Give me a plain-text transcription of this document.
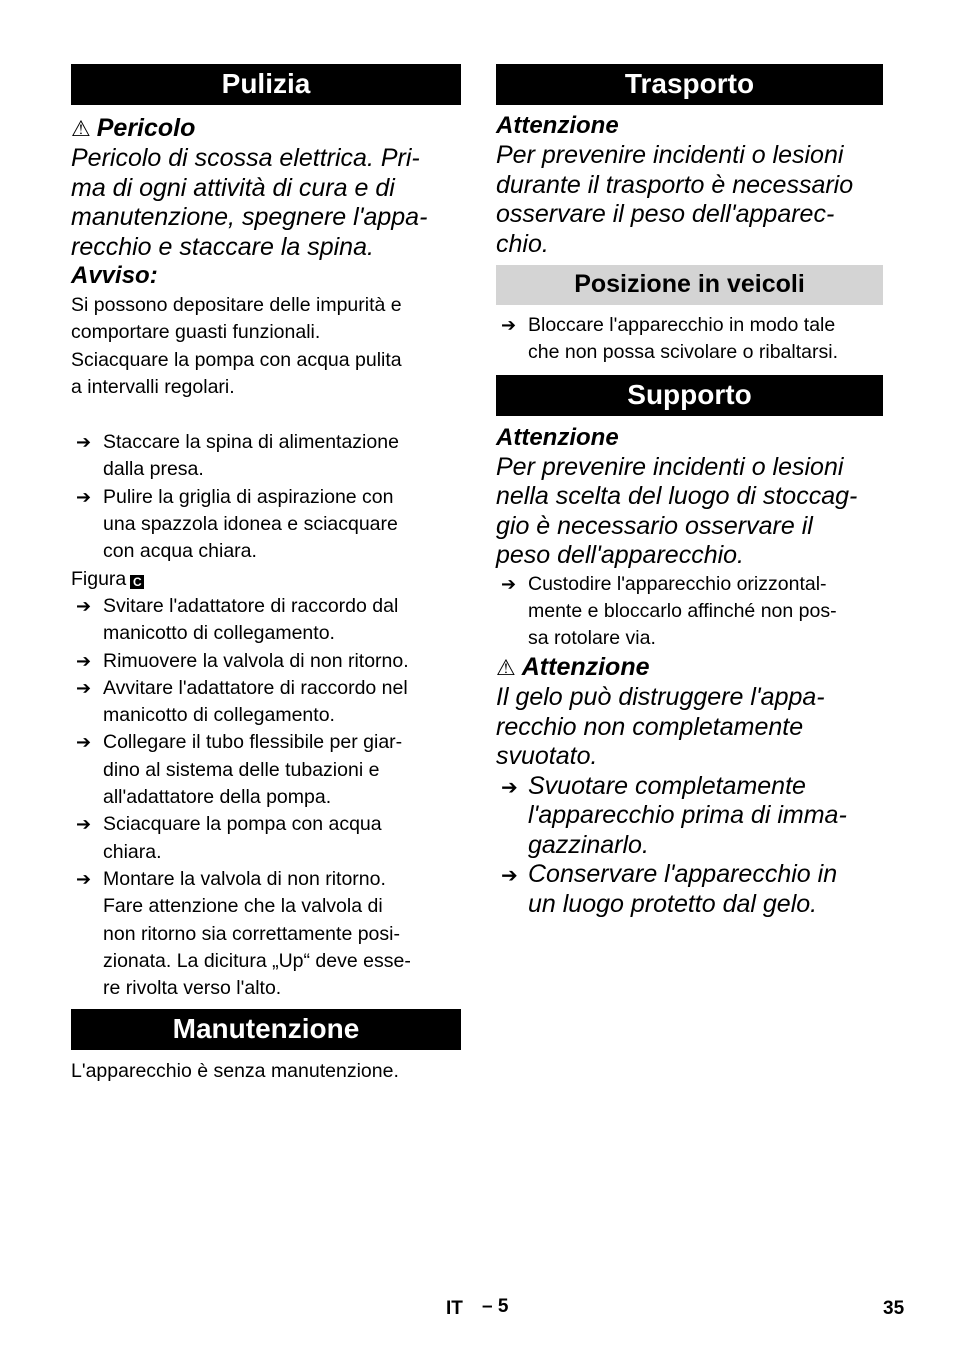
Pulizia
⚠ Pericolo
Pericolo di scossa elettrica. Pri-
ma di ogni attività di cura e di
manutenzione, spegnere l'appa-
recchio e staccare la spina.
Avviso:
Si possono depositare delle impurità e
comportare guasti funzionali.
Sciacquare la pompa con acqua pulita
a intervalli regolari.
➔ Staccare la spina di alimentazione
dalla presa.
➔ Pulire la griglia di aspirazione con
una spazzola idonea e sciacquare
con acqua chiara.
Figura C
➔ Svitare l'adattatore di raccordo dal
manicotto di collegamento.
➔ Rimuovere la valvola di non ritorno.
➔ Avvitare l'adattatore di raccordo nel
manicotto di collegamento.
➔ Collegare il tubo flessibile per giar-
dino al sistema delle tubazioni e
all'adattatore della pompa.
➔ Sciacquare la pompa con acqua
chiara.
➔ Montare la valvola di non ritorno.
Fare attenzione che la valvola di
non ritorno sia correttamente posi-
zionata. La dicitura „Up“ deve esse-
re rivolta verso l'alto.
Manutenzione
L'apparecchio è senza manutenzione.
Trasporto
Attenzione
Per prevenire incidenti o lesioni
durante il trasporto è necessario
osservare il peso dell'apparec-
chio.
Posizione in veicoli
➔ Bloccare l'apparecchio in modo tale
che non possa scivolare o ribaltarsi.
Supporto
Attenzione
Per prevenire incidenti o lesioni
nella scelta del luogo di stoccag-
gio è necessario osservare il
peso dell'apparecchio.
➔ Custodire l'apparecchio orizzontal-
mente e bloccarlo affinché non pos-
sa rotolare via.
⚠ Attenzione
Il gelo può distruggere l'appa-
recchio non completamente
svuotato.
➔ Svuotare completamente
l'apparecchio prima di imma-
gazzinarlo.
➔ Conservare l'apparecchio in
un luogo protetto dal gelo.
IT – 5	35
